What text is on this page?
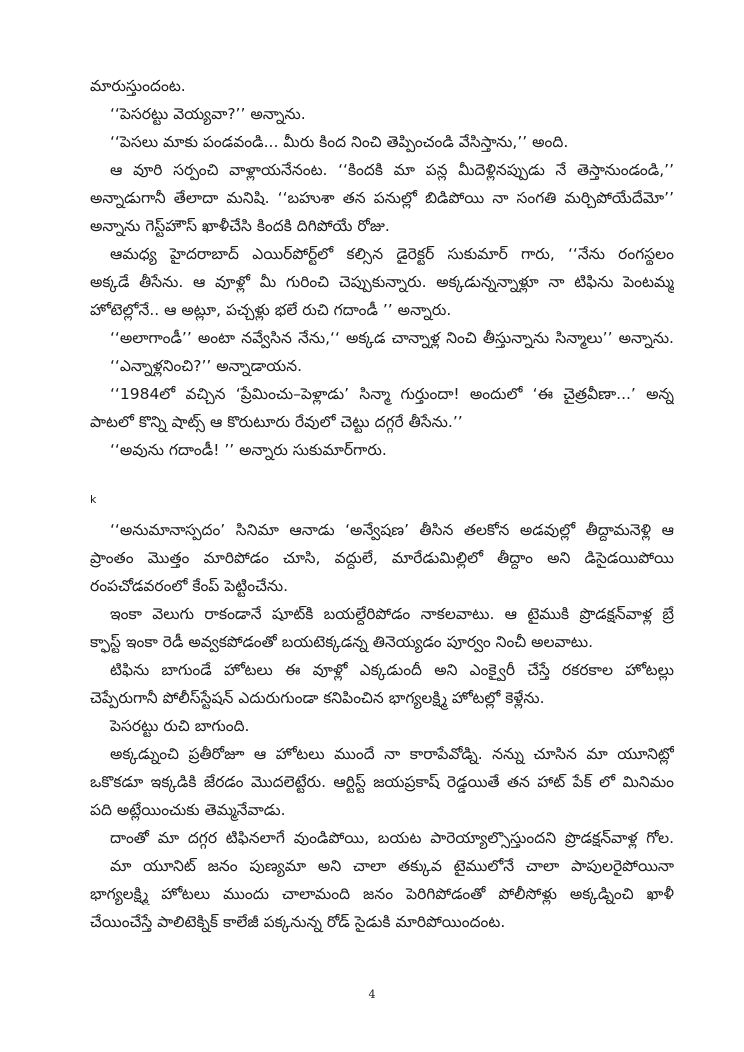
మారుస్తుందంట.
‘‘పెసరట్టు వెయ్యవా?’’ అన్నాను.
‘‘పెసలు మాకు పండవండి... మీరు కింద నించి తెప్పించండి వేసిస్తాను,’’ అంది.
ఆ వూరి సర్పంచి వాళ్లాయనేనంట. ‘‘కిందకి మా పన్ల మీదెళ్లినప్పుడు నే తెస్తానుండండి,’’
అన్నాడుగానీ తేలాదా మనిషి. ‘‘బహుశా తన పనుల్లో బిడిపోయి నా సంగతి మర్చిపోయేదేమో’’
అన్నాను గెస్ట్‌హౌస్ ఖాళీచేసి కిందకి దిగిపోయే రోజు.
ఆమధ్య హైదరాబాద్ ఎయిర్‌పోర్ట్‌లో కల్సిన డైరెక్టర్ సుకుమార్ గారు, ‘‘నేను రంగస్థలం
అక్కడే తీసేను. ఆ వూళ్లో మీ గురించి చెప్పుకున్నారు. అక్కడున్నన్నాళ్లూ నా టిఫిను పెంటమ్మ
హోటెల్లోనే.. ఆ అట్లూ, పచ్చళ్లు భలే రుచి గదాండీ ’’ అన్నారు.
‘‘అలాగాండీ’’ అంటా నవ్వేసిన నేను,‘‘ అక్కడ చాన్నాళ్ల నించి తీస్తున్నాను సిన్మాలు’’ అన్నాను.
‘‘ఎన్నాళ్లనించి?’’ అన్నాడాయన.
‘‘1984లో వచ్చిన ‘ప్రేమించు–పెళ్లాడు’ సిన్మా గుర్తుందా! అందులో ‘ఈ చైత్రవీణా...’ అన్న
పాటలో కొన్ని షాట్స్ ఆ కొరుటూరు రేవులో చెట్టు దగ్గరే తీసేను.’’
‘‘అవును గదాండీ! ’’ అన్నారు సుకుమార్‌గారు.
k
‘‘అనుమానాస్పదం’ సినిమా ఆనాడు ‘అన్వేషణ’ తీసిన తలకోన అడవుల్లో తీద్దామనెళ్లి ఆ
ప్రాంతం మొత్తం మారిపోడం చూసి, వద్దులే, మారేడుమిల్లిలో తీద్దాం అని డిసైడయిపోయి
రంపచోడవరంలో కేంప్ పెట్టించేను.
ఇంకా వెలుగు రాకండానే షూట్‌కి బయల్దేరిపోడం నాకలవాటు. ఆ టైముకి ప్రొడక్షన్‌వాళ్ల బ్రే
క్ఫాస్ట్ ఇంకా రెడీ అవ్వకపోడంతో బయటెక్కడన్న తినెయ్యడం పూర్వం నించీ అలవాటు.
టిఫిను బాగుండే హోటలు ఈ వూళ్లో ఎక్కడుందీ అని ఎంక్వైరీ చేస్తే రకరకాల హోటల్లు
చెప్పేరుగానీ పోలీస్‌స్టేషన్ ఎదురుగుండా కనిపించిన భాగ్యలక్ష్మి హోటల్లో కెళ్లేను.
పెసరట్టు రుచి బాగుంది.
అక్కడ్నుంచి ప్రతీరోజూ ఆ హోటలు ముందే నా కారాపేవోడ్ని. నన్ను చూసిన మా యూనిట్లో
ఒకొకడూ ఇక్కడికి జేరడం మొదలెట్టేరు. ఆర్టిస్ట్ జయప్రకాష్ రెడ్డయితే తన హాట్ పేక్ లో మినిమం
పది అట్లేయించుకు తెమ్మనేవాడు.
దాంతో మా దగ్గర టిఫినలాగే వుండిపోయి, బయట పారెయ్యాల్సొస్తుందని ప్రొడక్షన్‌వాళ్ల గోల.
మా యూనిట్ జనం పుణ్యమా అని చాలా తక్కువ టైములోనే చాలా పాపులరైపోయినా
భాగ్యలక్ష్మి హోటలు ముందు చాలామంది జనం పెరిగిపోడంతో పోలీసోళ్లు అక్కడ్నించి ఖాళీ
చేయించేస్తే పాలిటెక్నిక్ కాలేజీ పక్కనున్న రోడ్ సైడుకి మారిపోయిందంట.
4
